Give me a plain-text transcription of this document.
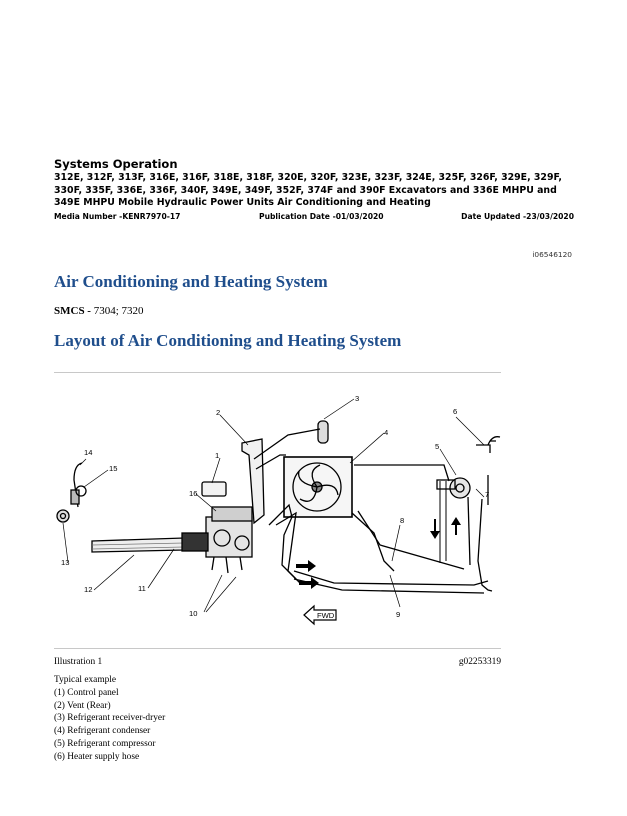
Systems Operation

312E, 312F, 313F, 316E, 316F, 318E, 318F, 320E, 320F, 323E, 323F, 324E, 325F, 326F, 329E, 329F,

330F, 335F, 336E, 336F, 340F, 349E, 349F, 352F, 374F and 390F Excavators and 336E MHPU and

349E MHPU Mobile Hydraulic Power Units Air Conditioning and Heating

Media Number -KENR7970-17	Publication Date -01/03/2020	Date Updated -23/03/2020
i06546120
Air Conditioning and Heating System
SMCS - 7304; 7320
Layout of Air Conditioning and Heating System
FWD
1
2
3
4
5
6
7
8
9
10
11
12
13
14
15
16
Illustration 1	g02253319
Typical example
(1) Control panel
(2) Vent (Rear)
(3) Refrigerant receiver-dryer
(4) Refrigerant condenser
(5) Refrigerant compressor
(6) Heater supply hose
